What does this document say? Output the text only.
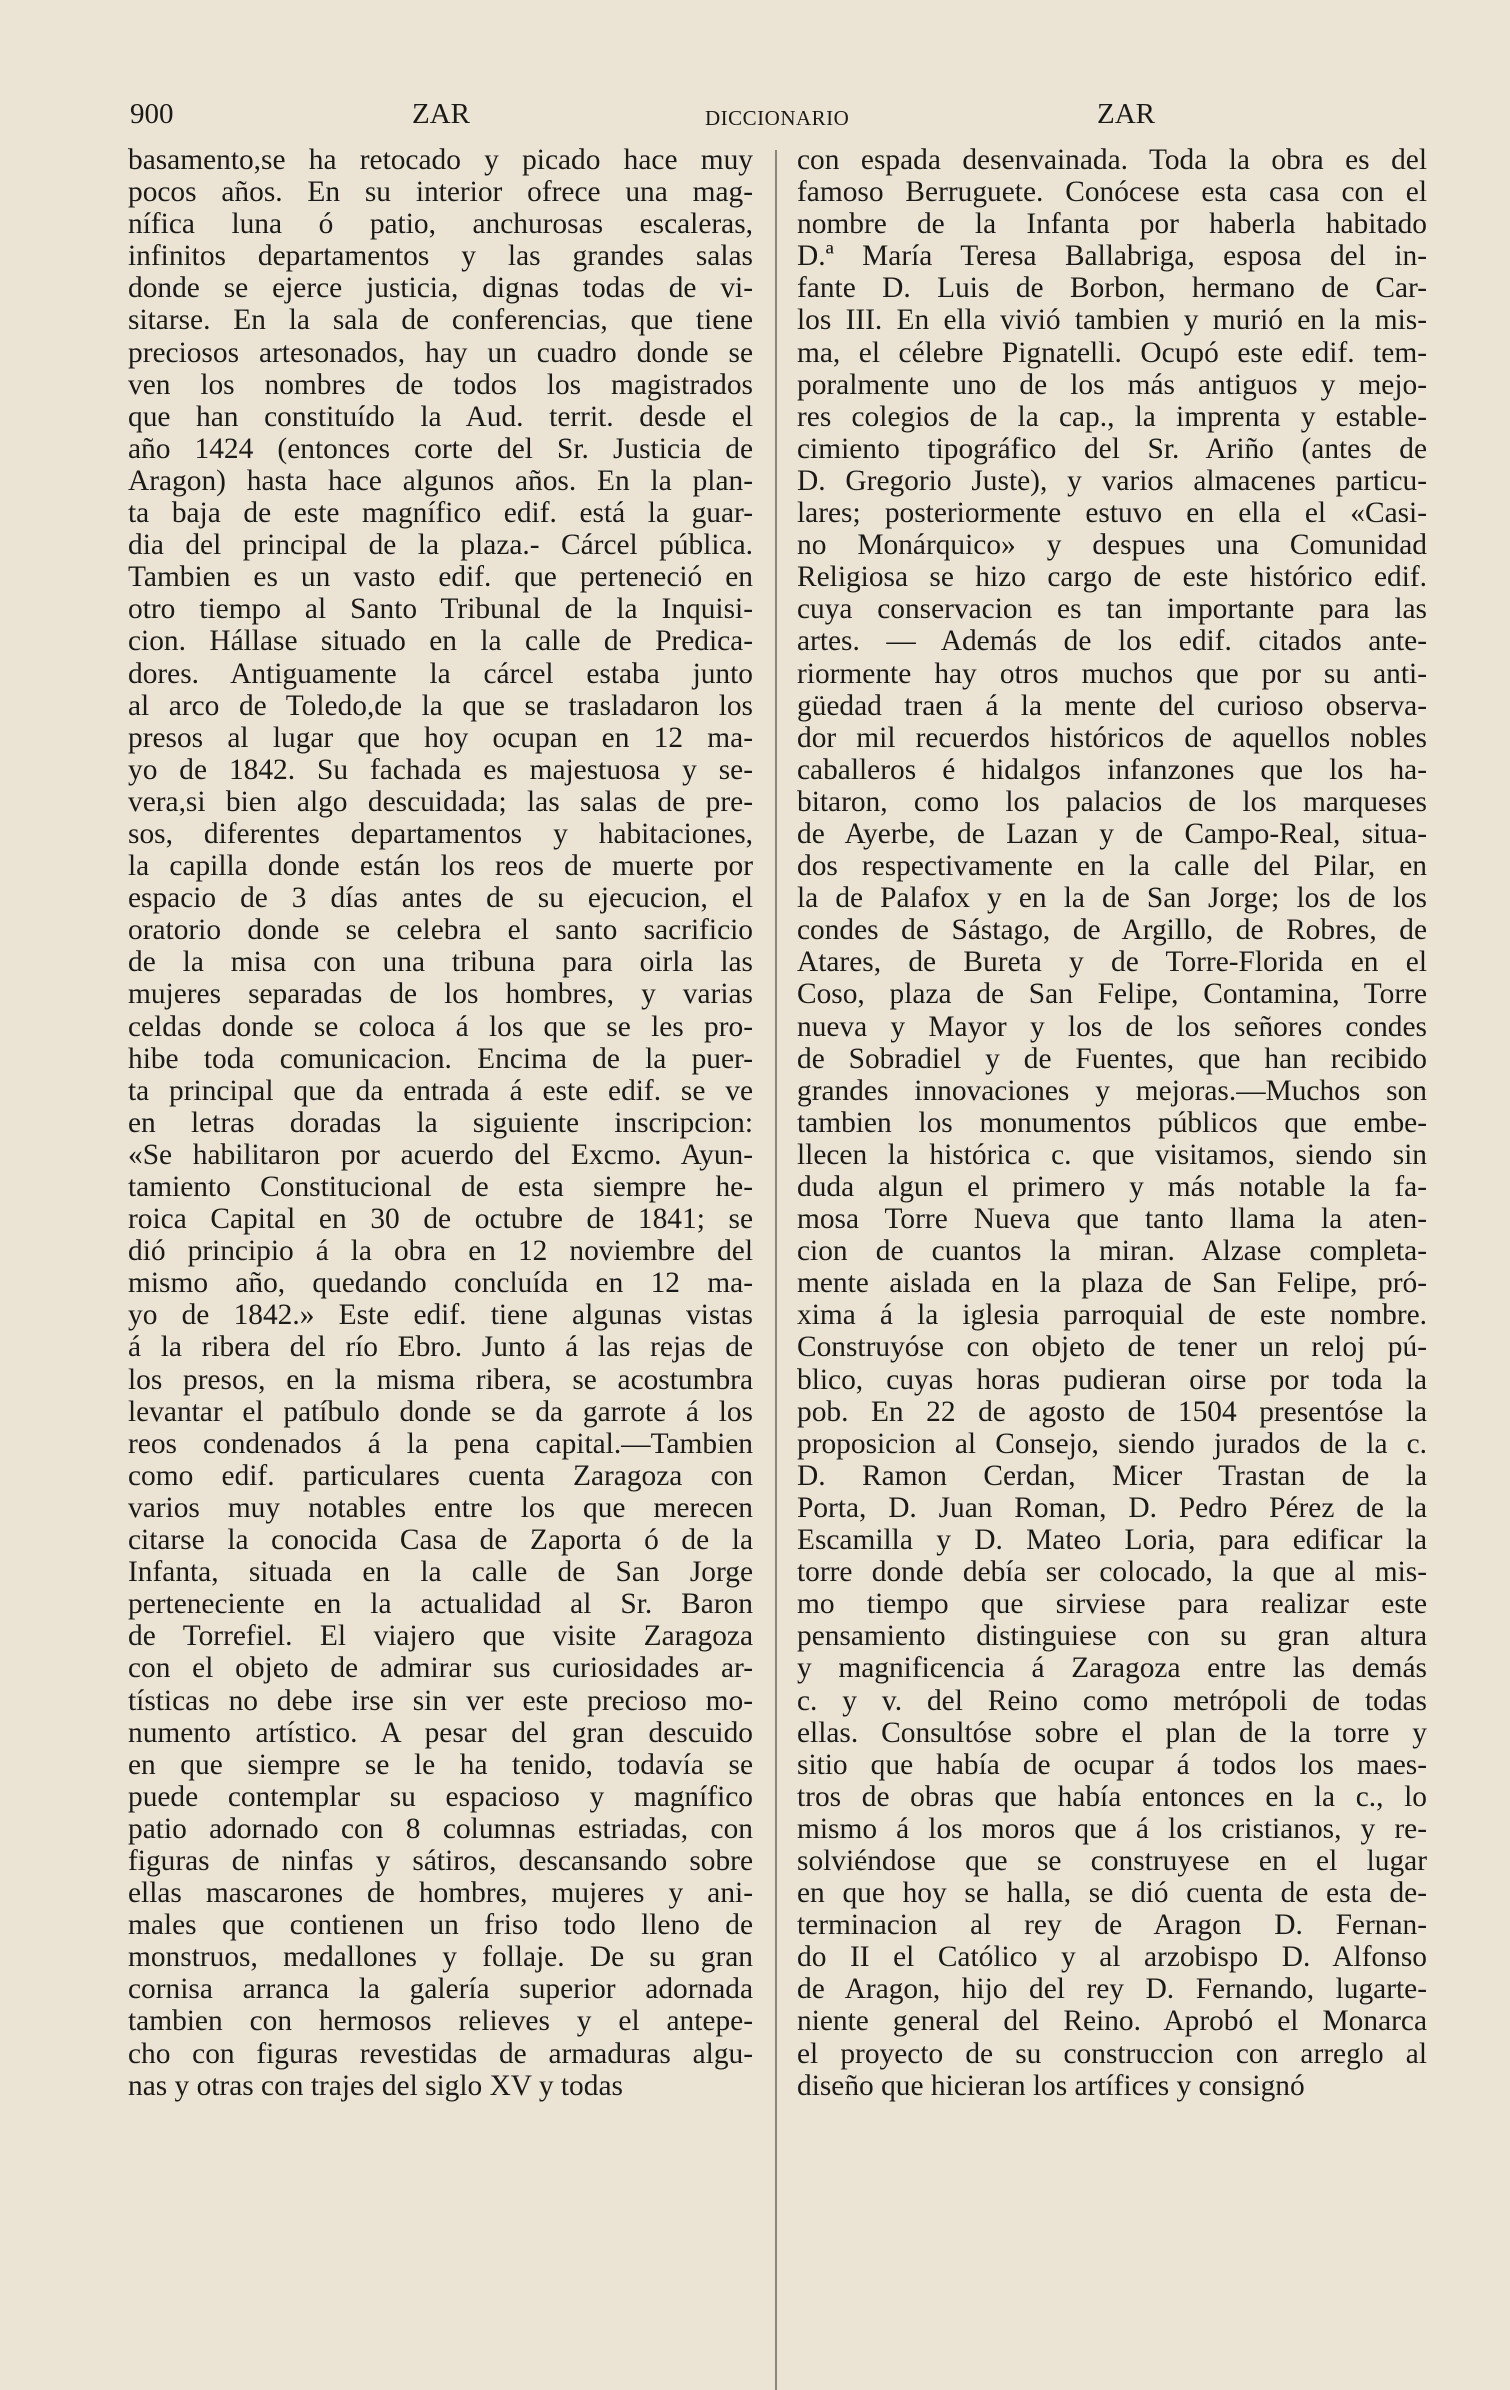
900	ZAR	DICCIONARIO	ZAR
basamento,se ha retocado y picado hace muy
pocos años. En su interior ofrece una mag-
nífica luna ó patio, anchurosas escaleras,
infinitos departamentos y las grandes salas
donde se ejerce justicia, dignas todas de vi-
sitarse. En la sala de conferencias, que tiene
preciosos artesonados, hay un cuadro donde se
ven los nombres de todos los magistrados
que han constituído la Aud. territ. desde el
año 1424 (entonces corte del Sr. Justicia de
Aragon) hasta hace algunos años. En la plan-
ta baja de este magnífico edif. está la guar-
dia del principal de la plaza.- Cárcel pública.
Tambien es un vasto edif. que perteneció en
otro tiempo al Santo Tribunal de la Inquisi-
cion. Hállase situado en la calle de Predica-
dores. Antiguamente la cárcel estaba junto
al arco de Toledo,de la que se trasladaron los
presos al lugar que hoy ocupan en 12 ma-
yo de 1842. Su fachada es majestuosa y se-
vera,si bien algo descuidada; las salas de pre-
sos, diferentes departamentos y habitaciones,
la capilla donde están los reos de muerte por
espacio de 3 días antes de su ejecucion, el
oratorio donde se celebra el santo sacrificio
de la misa con una tribuna para oirla las
mujeres separadas de los hombres, y varias
celdas donde se coloca á los que se les pro-
hibe toda comunicacion. Encima de la puer-
ta principal que da entrada á este edif. se ve
en letras doradas la siguiente inscripcion:
«Se habilitaron por acuerdo del Excmo. Ayun-
tamiento Constitucional de esta siempre he-
roica Capital en 30 de octubre de 1841; se
dió principio á la obra en 12 noviembre del
mismo año, quedando concluída en 12 ma-
yo de 1842.» Este edif. tiene algunas vistas
á la ribera del río Ebro. Junto á las rejas de
los presos, en la misma ribera, se acostumbra
levantar el patíbulo donde se da garrote á los
reos condenados á la pena capital.—Tambien
como edif. particulares cuenta Zaragoza con
varios muy notables entre los que merecen
citarse la conocida Casa de Zaporta ó de la
Infanta, situada en la calle de San Jorge
perteneciente en la actualidad al Sr. Baron
de Torrefiel. El viajero que visite Zaragoza
con el objeto de admirar sus curiosidades ar-
tísticas no debe irse sin ver este precioso mo-
numento artístico. A pesar del gran descuido
en que siempre se le ha tenido, todavía se
puede contemplar su espacioso y magnífico
patio adornado con 8 columnas estriadas, con
figuras de ninfas y sátiros, descansando sobre
ellas mascarones de hombres, mujeres y ani-
males que contienen un friso todo lleno de
monstruos, medallones y follaje. De su gran
cornisa arranca la galería superior adornada
tambien con hermosos relieves y el antepe-
cho con figuras revestidas de armaduras algu-
nas y otras con trajes del siglo XV y todas
con espada desenvainada. Toda la obra es del
famoso Berruguete. Conócese esta casa con el
nombre de la Infanta por haberla habitado
D.ª María Teresa Ballabriga, esposa del in-
fante D. Luis de Borbon, hermano de Car-
los III. En ella vivió tambien y murió en la mis-
ma, el célebre Pignatelli. Ocupó este edif. tem-
poralmente uno de los más antiguos y mejo-
res colegios de la cap., la imprenta y estable-
cimiento tipográfico del Sr. Ariño (antes de
D. Gregorio Juste), y varios almacenes particu-
lares; posteriormente estuvo en ella el «Casi-
no Monárquico» y despues una Comunidad
Religiosa se hizo cargo de este histórico edif.
cuya conservacion es tan importante para las
artes. — Además de los edif. citados ante-
riormente hay otros muchos que por su anti-
güedad traen á la mente del curioso observa-
dor mil recuerdos históricos de aquellos nobles
caballeros é hidalgos infanzones que los ha-
bitaron, como los palacios de los marqueses
de Ayerbe, de Lazan y de Campo-Real, situa-
dos respectivamente en la calle del Pilar, en
la de Palafox y en la de San Jorge; los de los
condes de Sástago, de Argillo, de Robres, de
Atares, de Bureta y de Torre-Florida en el
Coso, plaza de San Felipe, Contamina, Torre
nueva y Mayor y los de los señores condes
de Sobradiel y de Fuentes, que han recibido
grandes innovaciones y mejoras.—Muchos son
tambien los monumentos públicos que embe-
llecen la histórica c. que visitamos, siendo sin
duda algun el primero y más notable la fa-
mosa Torre Nueva que tanto llama la aten-
cion de cuantos la miran. Alzase completa-
mente aislada en la plaza de San Felipe, pró-
xima á la iglesia parroquial de este nombre.
Construyóse con objeto de tener un reloj pú-
blico, cuyas horas pudieran oirse por toda la
pob. En 22 de agosto de 1504 presentóse la
proposicion al Consejo, siendo jurados de la c.
D. Ramon Cerdan, Micer Trastan de la
Porta, D. Juan Roman, D. Pedro Pérez de la
Escamilla y D. Mateo Loria, para edificar la
torre donde debía ser colocado, la que al mis-
mo tiempo que sirviese para realizar este
pensamiento distinguiese con su gran altura
y magnificencia á Zaragoza entre las demás
c. y v. del Reino como metrópoli de todas
ellas. Consultóse sobre el plan de la torre y
sitio que había de ocupar á todos los maes-
tros de obras que había entonces en la c., lo
mismo á los moros que á los cristianos, y re-
solviéndose que se construyese en el lugar
en que hoy se halla, se dió cuenta de esta de-
terminacion al rey de Aragon D. Fernan-
do II el Católico y al arzobispo D. Alfonso
de Aragon, hijo del rey D. Fernando, lugarte-
niente general del Reino. Aprobó el Monarca
el proyecto de su construccion con arreglo al
diseño que hicieran los artífices y consignó
